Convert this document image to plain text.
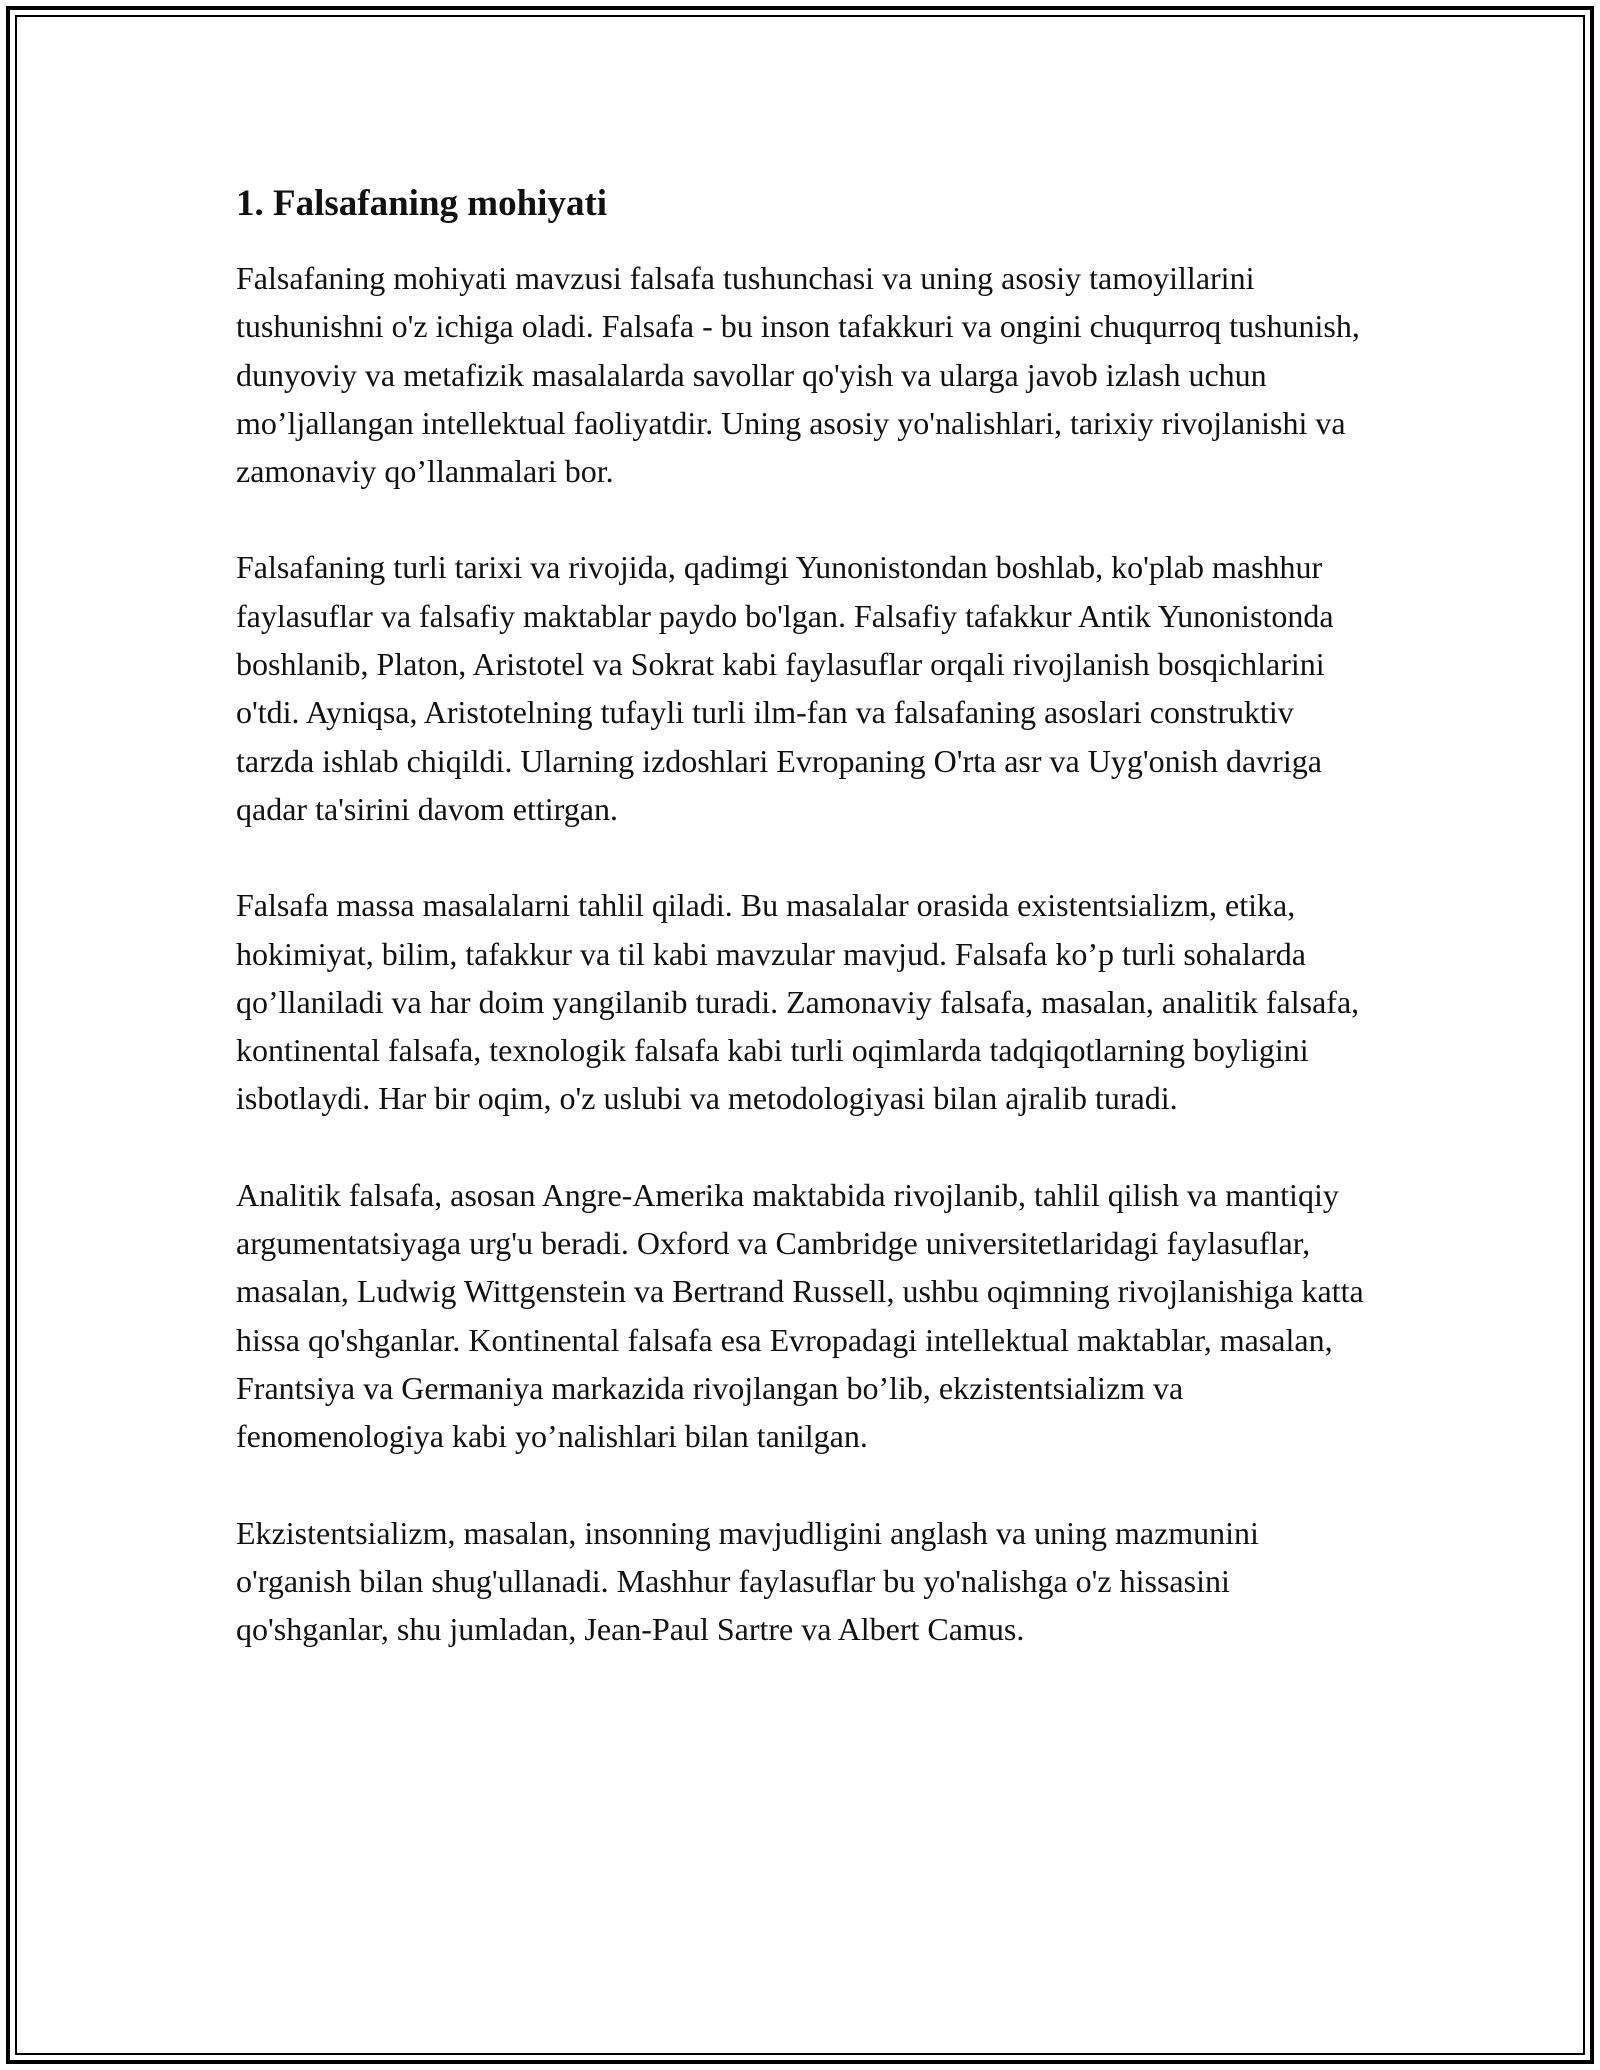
1. Falsafaning mohiyati

Falsafaning mohiyati mavzusi falsafa tushunchasi va uning asosiy tamoyillarini tushunishni o'z ichiga oladi. Falsafa - bu inson tafakkuri va ongini chuqurroq tushunish, dunyoviy va metafizik masalalarda savollar qo'yish va ularga javob izlash uchun mo’ljallangan intellektual faoliyatdir. Uning asosiy yo'nalishlari, tarixiy rivojlanishi va zamonaviy qo’llanmalari bor.

Falsafaning turli tarixi va rivojida, qadimgi Yunonistondan boshlab, ko'plab mashhur faylasuflar va falsafiy maktablar paydo bo'lgan. Falsafiy tafakkur Antik Yunonistonda boshlanib, Platon, Aristotel va Sokrat kabi faylasuflar orqali rivojlanish bosqichlarini o'tdi. Ayniqsa, Aristotelning tufayli turli ilm-fan va falsafaning asoslari construktiv tarzda ishlab chiqildi. Ularning izdoshlari Evropaning O'rta asr va Uyg'onish davriga qadar ta'sirini davom ettirgan.

Falsafa massa masalalarni tahlil qiladi. Bu masalalar orasida existentsializm, etika, hokimiyat, bilim, tafakkur va til kabi mavzular mavjud. Falsafa ko’p turli sohalarda qo’llaniladi va har doim yangilanib turadi. Zamonaviy falsafa, masalan, analitik falsafa, kontinental falsafa, texnologik falsafa kabi turli oqimlarda tadqiqotlarning boyligini isbotlaydi. Har bir oqim, o'z uslubi va metodologiyasi bilan ajralib turadi.

Analitik falsafa, asosan Angre-Amerika maktabida rivojlanib, tahlil qilish va mantiqiy argumentatsiyaga urg'u beradi. Oxford va Cambridge universitetlaridagi faylasuflar, masalan, Ludwig Wittgenstein va Bertrand Russell, ushbu oqimning rivojlanishiga katta hissa qo'shganlar. Kontinental falsafa esa Evropadagi intellektual maktablar, masalan, Frantsiya va Germaniya markazida rivojlangan bo’lib, ekzistentsializm va fenomenologiya kabi yo’nalishlari bilan tanilgan.

Ekzistentsializm, masalan, insonning mavjudligini anglash va uning mazmunini o'rganish bilan shug'ullanadi. Mashhur faylasuflar bu yo'nalishga o'z hissasini qo'shganlar, shu jumladan, Jean-Paul Sartre va Albert Camus.
